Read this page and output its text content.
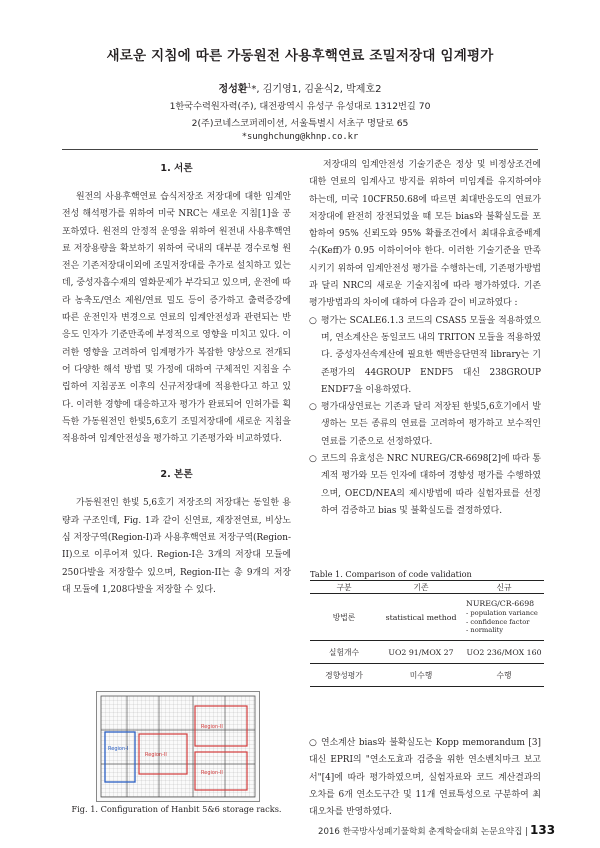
새로운 지침에 따른 가동원전 사용후핵연료 조밀저장대 임계평가
정성환$^1$*, 김기영1, 김윤식2, 박제호2
1한국수력원자력(주), 대전광역시 유성구 유성대로 1312번길 70
2(주)코네스코퍼레이션, 서울특별시 서초구 명달로 65
*sunghchung@khnp.co.kr
1. 서론

원전의 사용후핵연료 습식저장조 저장대에 대한 임계안전성 해석평가를 위하여 미국 NRC는 새로운 지침[1]을 공포하였다. 원전의 안정적 운영을 위하여 원전내 사용후핵연료 저장용량을 확보하기 위하여 국내의 대부분 경수로형 원전은 기존저장대이외에 조밀저장대를 추가로 설치하고 있는데, 중성자흡수재의 열화문제가 부각되고 있으며, 운전에 따라 농축도/연소 제원/연료 밀도 등이 증가하고 출력증강에 따른 운전인자 변경으로 연료의 임계안전성과 관련되는 반응도 인자가 기준만족에 부정적으로 영향을 미치고 있다. 이러한 영향을 고려하여 임계평가가 복잡한 양상으로 전개되어 다양한 해석 방법 및 가정에 대하여 구체적인 지침을 수립하여 지침공포 이후의 신규저장대에 적용한다고 하고 있다. 이러한 경향에 대응하고자 평가가 완료되어 인허가를 획득한 가동원전인 한빛5,6호기 조밀저장대에 새로운 지침을 적용하여 임계안전성을 평가하고 기존평가와 비교하였다.

2. 본론

가동원전인 한빛 5,6호기 저장조의 저장대는 동일한 용량과 구조인데, Fig. 1과 같이 신연료, 재장전연료, 비상노심 저장구역(Region-I)과 사용후핵연료 저장구역(Region-II)으로 이루어져 있다. Region-I은 3개의 저장대 모듈에 250다발을 저장할수 있으며, Region-II는 총 9개의 저장대 모듈에 1,208다발을 저장할 수 있다.

Region-I
Region-II
Region-II
Region-II
Fig. 1. Configuration of Hanbit 5&6 storage racks.

저장대의 임계안전성 기술기준은 정상 및 비정상조건에 대한 연료의 임계사고 방지를 위하여 미임계를 유지하여야 하는데, 미국 10CFR50.68에 따르면 최대반응도의 연료가 저장대에 완전히 장전되었을 때 모든 bias와 불확실도를 포함하여 95% 신뢰도와 95% 확률조건에서 최대유효증배계수(Keff)가 0.95 이하이어야 한다. 이러한 기술기준을 만족시키기 위하여 임계안전성 평가를 수행하는데, 기존평가방법과 달리 NRC의 새로운 기술지침에 따라 평가하였다. 기존평가방법과의 차이에 대하여 다음과 같이 비교하였다 :

○ 평가는 SCALE6.1.3 코드의 CSAS5 모듈을 적용하였으며, 연소계산은 동일코드 내의 TRITON 모듈을 적용하였다. 중성자선속계산에 필요한 핵반응단면적 library는 기존평가의 44GROUP ENDF5 대신 238GROUP ENDF7을 이용하였다.
○ 평가대상연료는 기존과 달리 저장된 한빛5,6호기에서 발생하는 모든 종류의 연료를 고려하여 평가하고 보수적인 연료를 기준으로 선정하였다.
○ 코드의 유효성은 NRC NUREG/CR-6698[2]에 따라 통계적 평가와 모든 인자에 대하여 경향성 평가를 수행하였으며, OECD/NEA의 제시방법에 따라 실험자료를 선정하여 검증하고 bias 및 불확실도를 결정하였다.
Table 1. Comparison of code validation
구분	기존	신규
방법론	statistical method	NUREG/CR-6698
- population variance
- confidence factor
- normality

실험개수	UO2 91/MOX 27	UO2 236/MOX 160
경향성평가	미수행	수행
○ 연소계산 bias와 불확실도는 Kopp memorandum [3] 대신 EPRI의 "연소도효과 검증을 위한 연소벤치마크 보고서"[4]에 따라 평가하였으며, 실험자료와 코드 계산결과의 오차를 6개 연소도구간 및 11개 연료특성으로 구분하여 최대오차를 반영하였다.
2016 한국방사성폐기물학회 춘계학술대회 논문요약집 | 133
